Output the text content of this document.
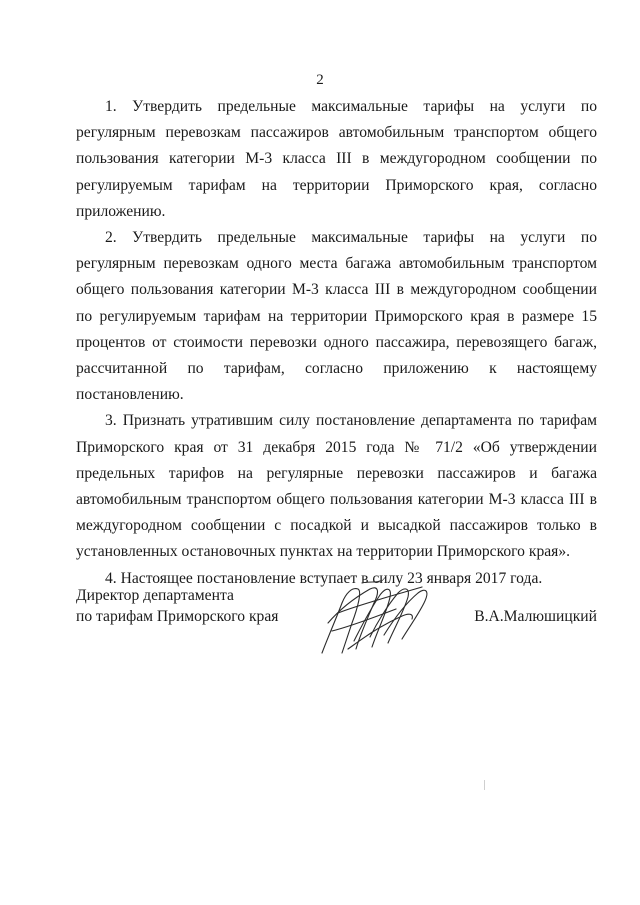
2

1. Утвердить предельные максимальные тарифы на услуги по регулярным перевозкам пассажиров автомобильным транспортом общего пользования категории М-3 класса III в междугородном сообщении по регулируемым тарифам на территории Приморского края, согласно приложению.

2. Утвердить предельные максимальные тарифы на услуги по регулярным перевозкам одного места багажа автомобильным транспортом общего пользования категории М-3 класса III в междугородном сообщении по регулируемым тарифам на территории Приморского края в размере 15 процентов от стоимости перевозки одного пассажира, перевозящего багаж, рассчитанной по тарифам, согласно приложению к настоящему постановлению.

3. Признать утратившим силу постановление департамента по тарифам Приморского края от 31 декабря 2015 года № 71/2 «Об утверждении предельных тарифов на регулярные перевозки пассажиров и багажа автомобильным транспортом общего пользования категории М-3 класса III в междугородном сообщении с посадкой и высадкой пассажиров только в установленных остановочных пунктах на территории Приморского края».

4. Настоящее постановление вступает в силу 23 января 2017 года.

Директор департамента
по тарифам Приморского края	В.А.Малюшицкий
